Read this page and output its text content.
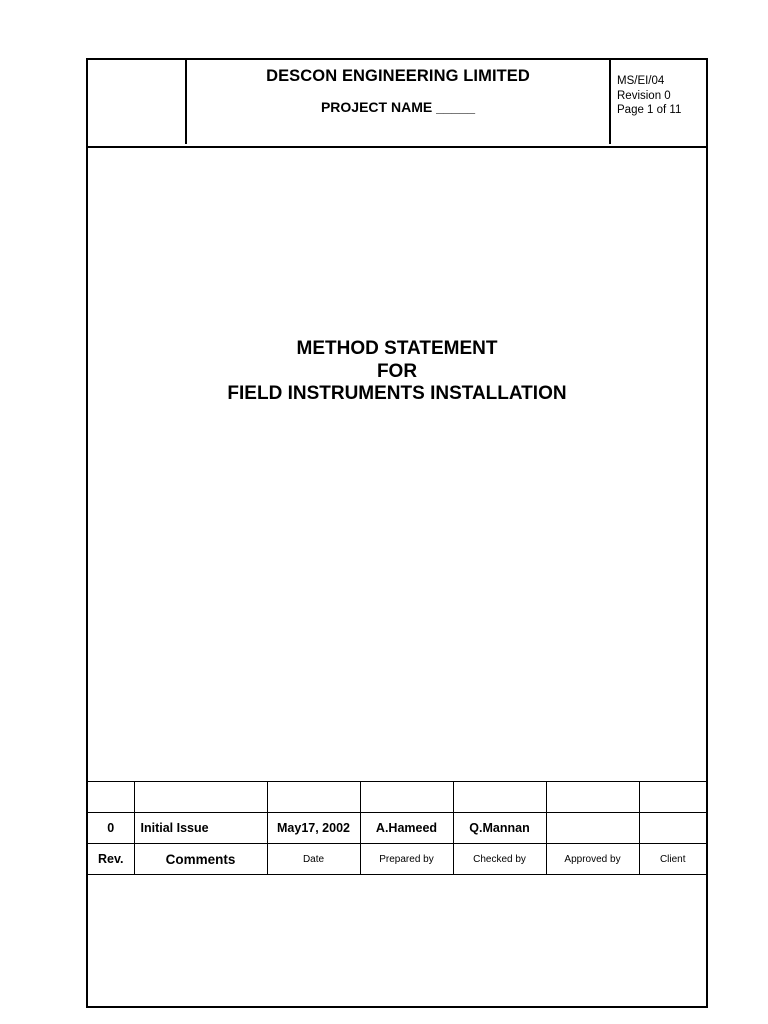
DESCON ENGINEERING LIMITED
PROJECT NAME _____
MS/EI/04
Revision 0
Page 1 of 11
METHOD STATEMENT
FOR
FIELD INSTRUMENTS INSTALLATION

0	Initial Issue	May17, 2002	A.Hameed	Q.Mannan		
Rev.	Comments	Date	Prepared by	Checked by	Approved by	Client
